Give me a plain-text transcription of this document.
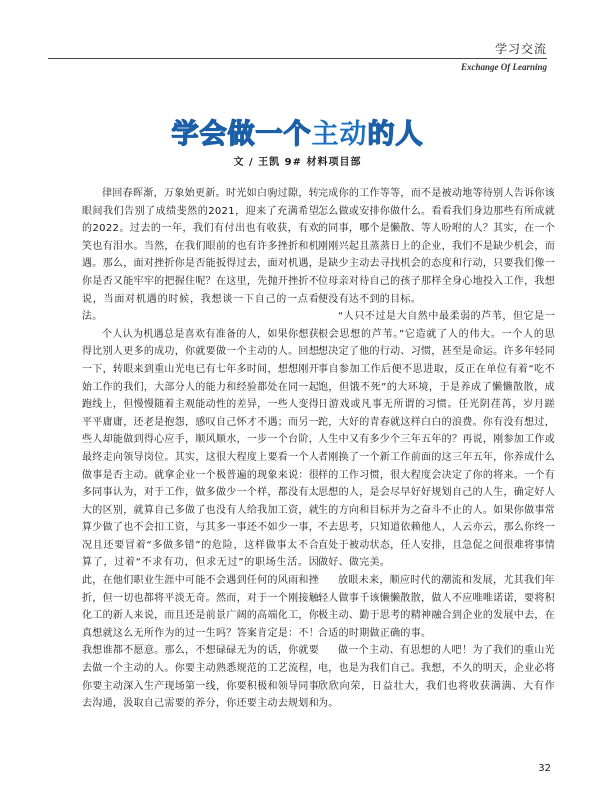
学习交流
Exchange Of Learning
学会做一个主动的人
文 / 王凯 9# 材料项目部

律回春晖渐，万象始更新。时光如白驹过隙，转眼间我们告别了成绩斐然的2021，迎来了充满希望的2022。过去的一年，我们有付出也有收获，有欢笑也有泪水。当然，在我们眼前的也有许多挫折和机遇。那么，面对挫折你是否能扳得过去，面对机遇，你是否又能牢牢的把握住呢？在这里，先抛开挫折不说，当面对机遇的时候，我想谈一下自己的一点看法。

个人认为机遇总是喜欢有准备的人，如果你想获得比别人更多的成功，你就要做一个主动的人。回想一下，转眼来到重山光电已有七年多时间，想想刚开始工作的我们，大部分人的能力和经验都处在同一起跑线上，但慢慢随着主观能动性的差异，一些人变得平平庸庸，还老是抱怨，感叹自己怀才不遇；而另一些人却能做到得心应手，顺风顺水，一步一个台阶，最终走向领导岗位。其实，这很大程度上要看一个人做事是否主动。就拿企业一个极普遍的现象来说：很多同事认为，对于工作，做多做少一个样，都没有太大的区别，就算自己多做了也没有人给我加工资，就算少做了也不会扣工资，与其多一事还不如少一事，况且还要冒着“多做多错”的危险，这样做事太不合算了，过着“不求有功，但求无过”的职场生活。因此，在他们职业生涯中可能不会遇到任何的风雨和挫折，但一切也都将平淡无奇。然而，对于一个刚接触化工的新人来说，而且还是前景广阔的高端化工，你真想就这么无所作为的过一生吗？答案肯定是：不！我想谁都不愿意。那么，不想碌碌无为的话，你就要去做一个主动的人。你要主动熟悉规范的工艺流程，你要主动深入生产现场第一线，你要积极和领导同事去沟通，汲取自己需要的养分，你还要主动去规划和

完成你的工作等等，而不是被动地等待别人告诉你该怎么做或安排你做什么。看看我们身边那些有所成就的同事，哪个是懒散、等人吩咐的人？其实，在一个刚刚兴起且蒸蒸日上的企业，我们不是缺少机会，而是缺少主动去寻找机会的态度和行动，只要我们像一位母亲对待自己的孩子那样全身心地投入工作，我想便没有达不到的目标。

“人只不过是大自然中最柔弱的芦苇，但它是一根会思想的芦苇。”它造就了人的伟大。一个人的思想决定了他的行动、习惯，甚至是命运。许多年轻同事自参加工作后便不思进取，反正在单位有着“吃不饱，但饿不死”的大环境，于是养成了懒懒散散，成日游戏或凡事无所谓的习惯。任光阴荏苒，岁月蹉跎，大好的青春就这样白白的浪费。你有没有想过，人生中又有多少个三年五年的？再说，刚参加工作或者刚换了一个新工作前面的这三年五年，你养成什么样的工作习惯，很大程度会决定了你的将来。一个有思想的人，是会尽早好好规划自己的人生，确定好人生的方向和目标并为之奋斗不止的人。如果你做事常不去思考，只知道依赖他人，人云亦云，那么你终一直处于被动状态，任人安排，且急促之间很难将事情做好、做完美。

放眼未来，顺应时代的潮流和发展，尤其我们年轻人做事千该懒懒散散，做人不应唯唯诺诺，要将积极主动、勤于思考的精神融合到企业的发展中去，在合适的时期做正确的事。

做一个主动、有思想的人吧！为了我们的重山光电，也是为我们自己。我想，不久的明天，企业必将欣欣向荣，日益壮大，我们也将收获满满、大有作为。

32
